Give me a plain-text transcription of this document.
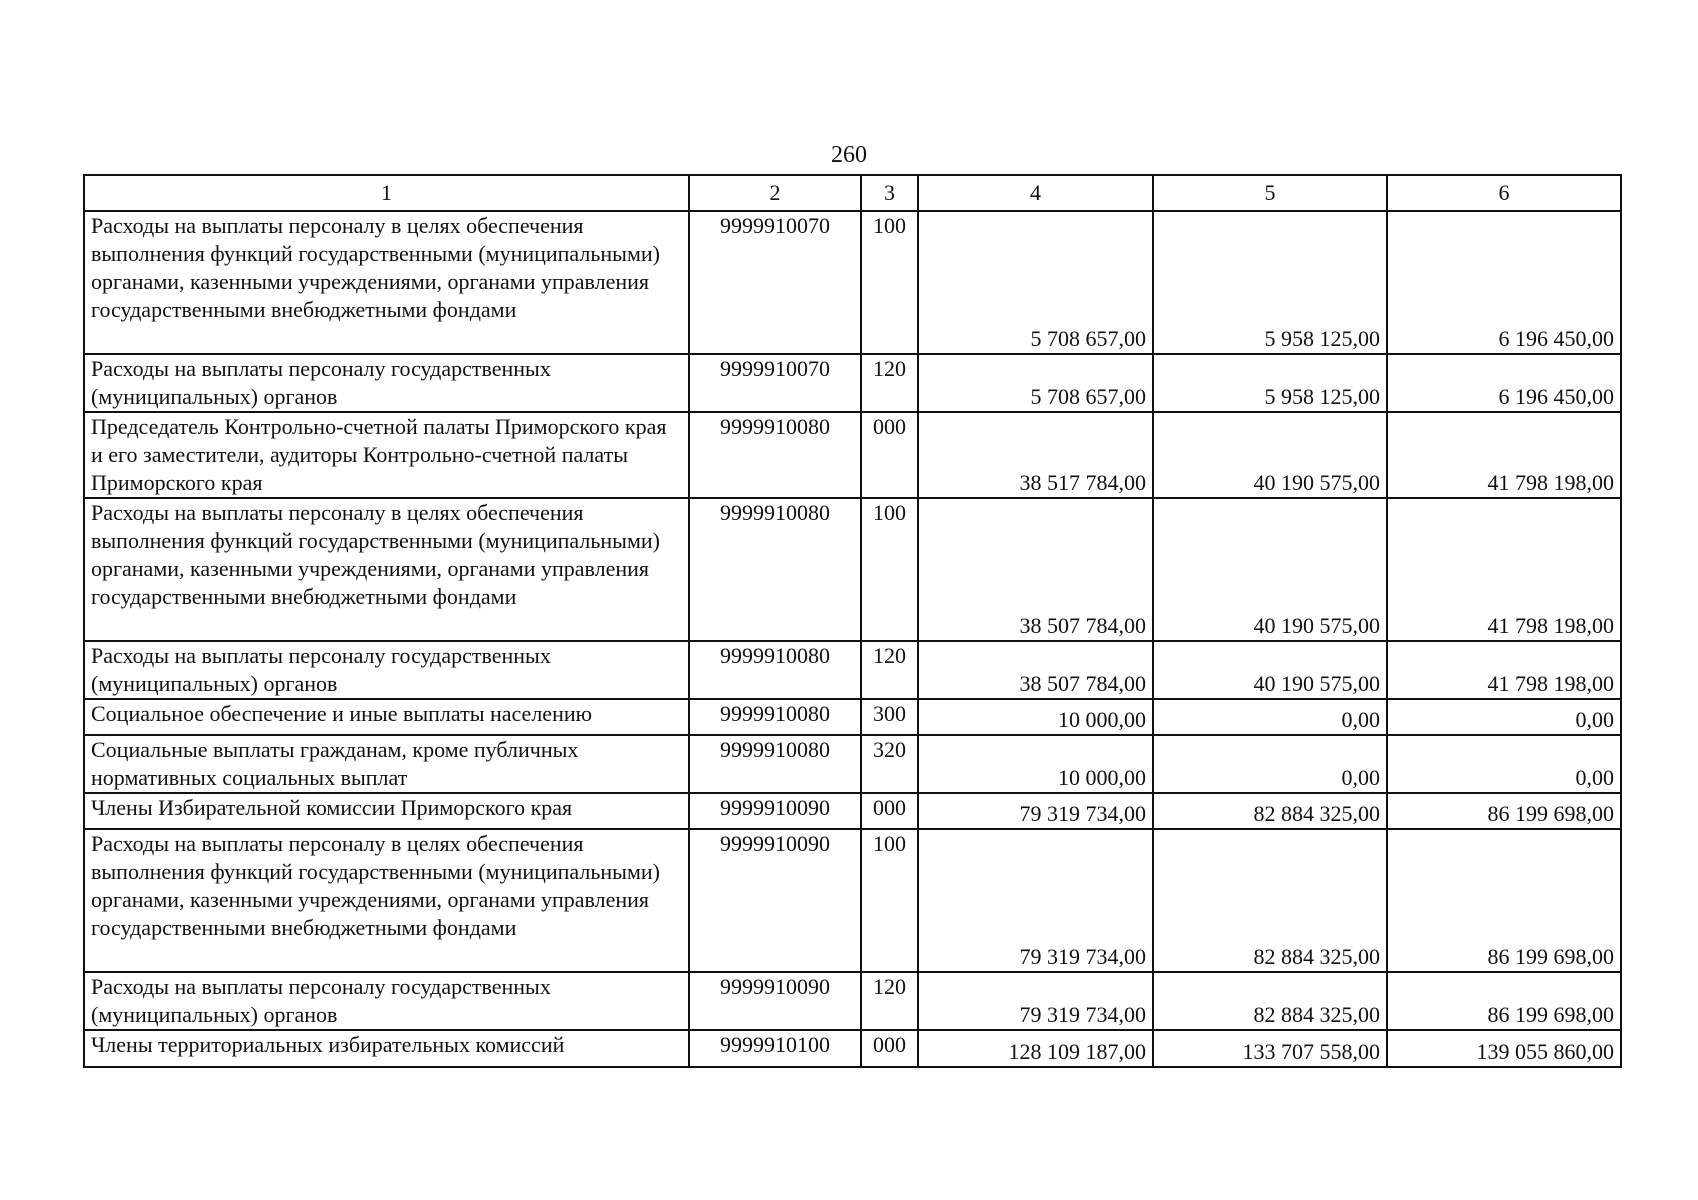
260
1	2	3	4	5	6
Расходы на выплаты персоналу в целях обеспечения выполнения функций государственными (муниципальными) органами, казенными учреждениями, органами управления государственными внебюджетными фондами	9999910070	100	5 708 657,00	5 958 125,00	6 196 450,00
Расходы на выплаты персоналу государственных (муниципальных) органов	9999910070	120	5 708 657,00	5 958 125,00	6 196 450,00
Председатель Контрольно-счетной палаты Приморского края и его заместители, аудиторы Контрольно-счетной палаты Приморского края	9999910080	000	38 517 784,00	40 190 575,00	41 798 198,00
Расходы на выплаты персоналу в целях обеспечения выполнения функций государственными (муниципальными) органами, казенными учреждениями, органами управления государственными внебюджетными фондами	9999910080	100	38 507 784,00	40 190 575,00	41 798 198,00
Расходы на выплаты персоналу государственных (муниципальных) органов	9999910080	120	38 507 784,00	40 190 575,00	41 798 198,00
Социальное обеспечение и иные выплаты населению	9999910080	300	10 000,00	0,00	0,00
Социальные выплаты гражданам, кроме публичных нормативных социальных выплат	9999910080	320	10 000,00	0,00	0,00
Члены Избирательной комиссии Приморского края	9999910090	000	79 319 734,00	82 884 325,00	86 199 698,00
Расходы на выплаты персоналу в целях обеспечения выполнения функций государственными (муниципальными) органами, казенными учреждениями, органами управления государственными внебюджетными фондами	9999910090	100	79 319 734,00	82 884 325,00	86 199 698,00
Расходы на выплаты персоналу государственных (муниципальных) органов	9999910090	120	79 319 734,00	82 884 325,00	86 199 698,00
Члены территориальных избирательных комиссий	9999910100	000	128 109 187,00	133 707 558,00	139 055 860,00
